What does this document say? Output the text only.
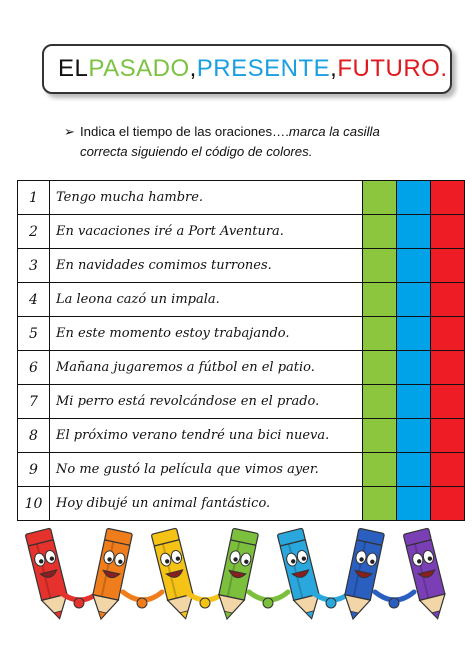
EL PASADO , PRESENTE , FUTURO .
➢ Indica el tiempo de las oraciones….marca la casilla
correcta siguiendo el código de colores.
1	Tengo mucha hambre.			
2	En vacaciones iré a Port Aventura.			
3	En navidades comimos turrones.			
4	La leona cazó un impala.			
5	En este momento estoy trabajando.			
6	Mañana jugaremos a fútbol en el patio.			
7	Mi perro está revolcándose en el prado.			
8	El próximo verano tendré una bici nueva.			
9	No me gustó la película que vimos ayer.			
10	Hoy dibujé un animal fantástico.			
